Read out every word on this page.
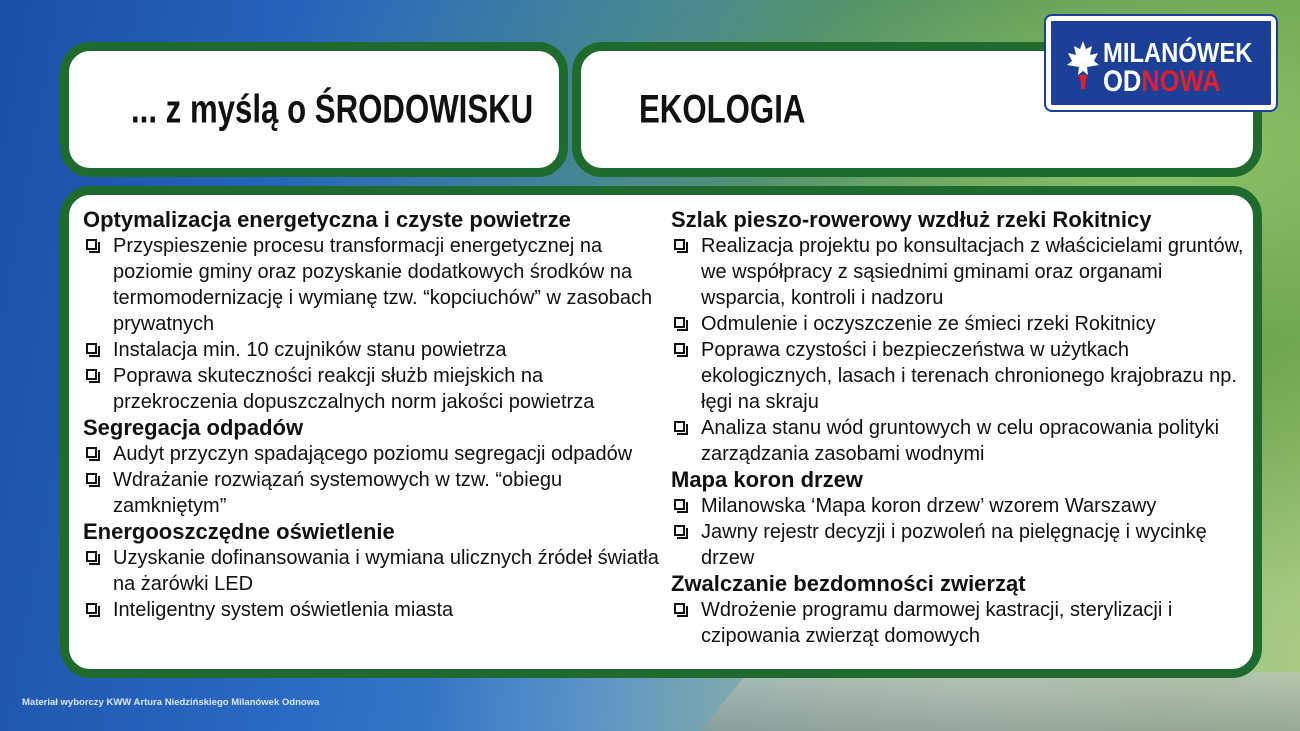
... z myślą o ŚRODOWISKU	EKOLOGIA
MILANÓWEK
ODNOWA
Optymalizacja energetyczna i czyste powietrze
Przyspieszenie procesu transformacji energetycznej na poziomie gminy oraz pozyskanie dodatkowych środków na termomodernizację i wymianę tzw. “kopciuchów” w zasobach prywatnych
Instalacja min. 10 czujników stanu powietrza
Poprawa skuteczności reakcji służb miejskich na przekroczenia dopuszczalnych norm jakości powietrza
Segregacja odpadów
Audyt przyczyn spadającego poziomu segregacji odpadów
Wdrażanie rozwiązań systemowych w tzw. “obiegu zamkniętym”
Energooszczędne oświetlenie
Uzyskanie dofinansowania i wymiana ulicznych źródeł światła na żarówki LED
Inteligentny system oświetlenia miasta
Szlak pieszo-rowerowy wzdłuż rzeki Rokitnicy
Realizacja projektu po konsultacjach z właścicielami gruntów, we współpracy z sąsiednimi gminami oraz organami wsparcia, kontroli i nadzoru
Odmulenie i oczyszczenie ze śmieci rzeki Rokitnicy
Poprawa czystości i bezpieczeństwa w użytkach ekologicznych, lasach i terenach chronionego krajobrazu np. łęgi na skraju
Analiza stanu wód gruntowych w celu opracowania polityki zarządzania zasobami wodnymi
Mapa koron drzew
Milanowska ‘Mapa koron drzew’ wzorem Warszawy
Jawny rejestr decyzji i pozwoleń na pielęgnację i wycinkę drzew
Zwalczanie bezdomności zwierząt
Wdrożenie programu darmowej kastracji, sterylizacji i czipowania zwierząt domowych
Materiał wyborczy KWW Artura Niedzińskiego Milanówek Odnowa
